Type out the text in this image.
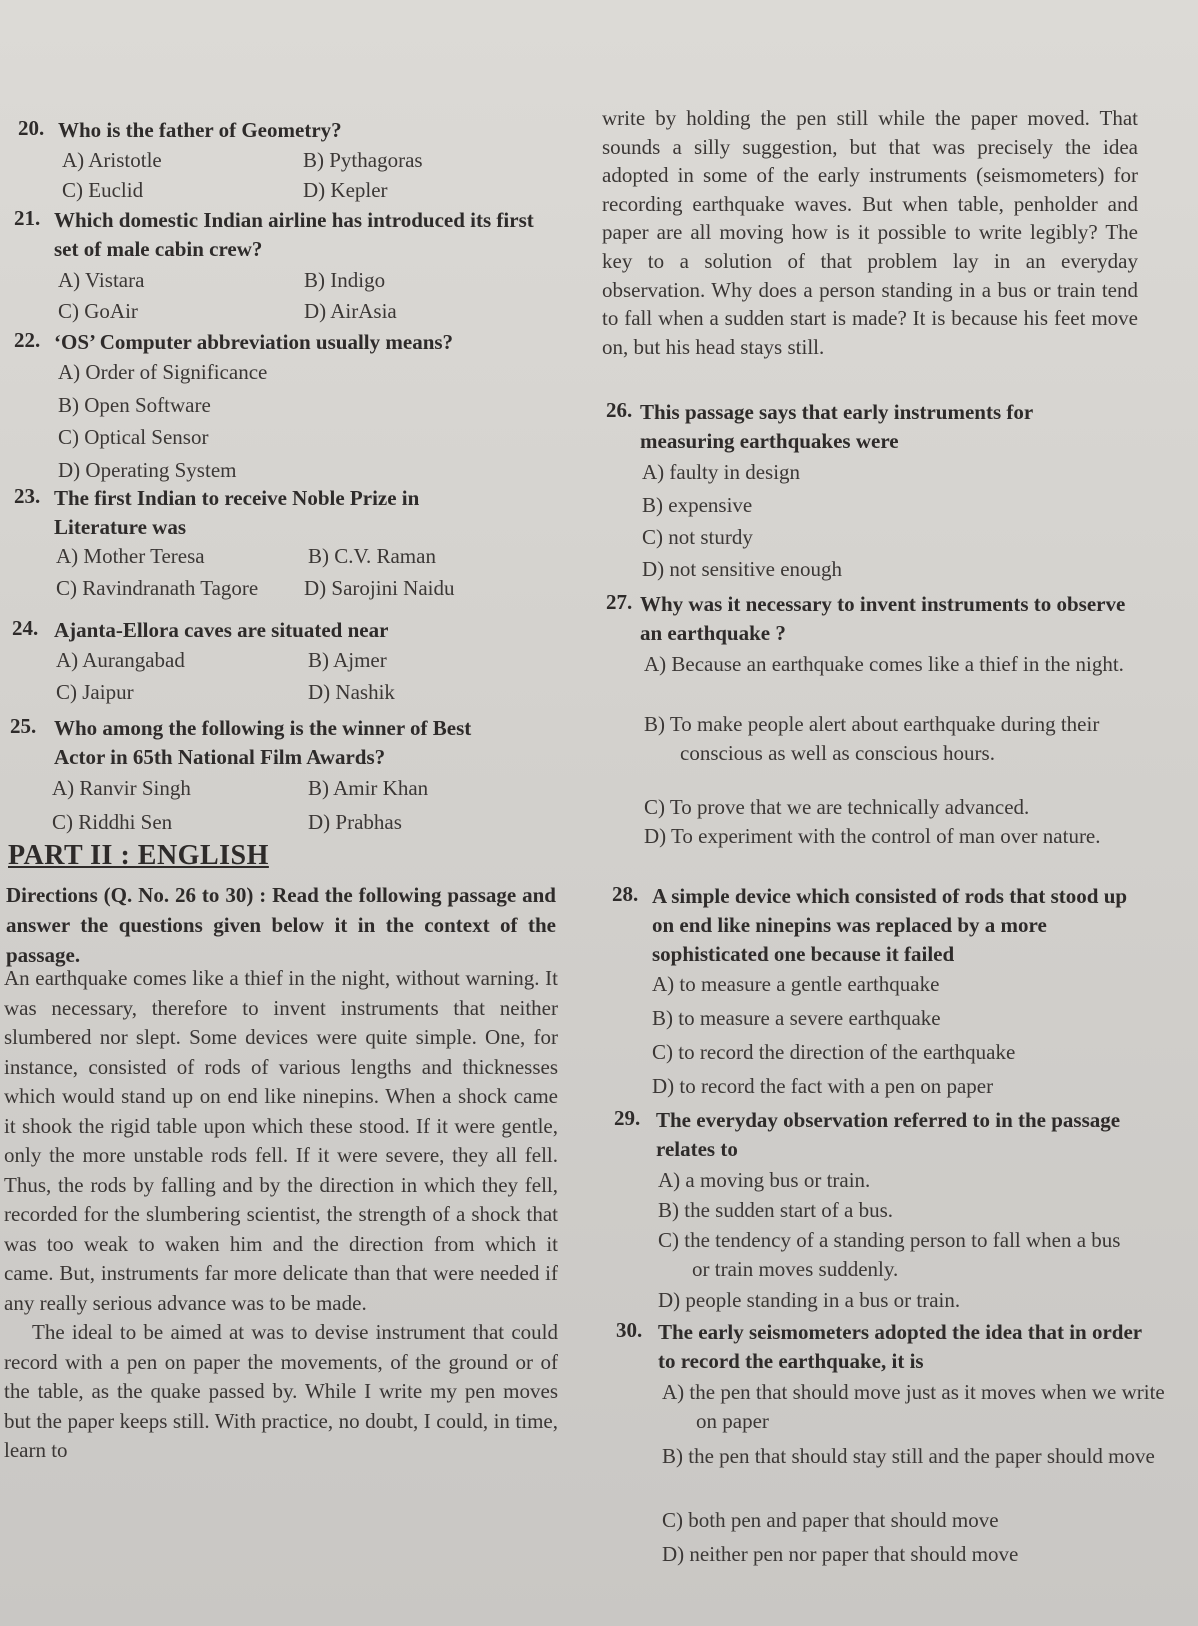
20. Who is the father of Geometry?
A) Aristotle	B) Pythagoras
C) Euclid	D) Kepler
21. Which domestic Indian airline has introduced its first set of male cabin crew?
A) Vistara	B) Indigo
C) GoAir	D) AirAsia
22. ‘OS’ Computer abbreviation usually means?
A) Order of Significance
B) Open Software
C) Optical Sensor
D) Operating System
23. The first Indian to receive Noble Prize in Literature was
A) Mother Teresa	B) C.V. Raman
C) Ravindranath Tagore D) Sarojini Naidu
24. Ajanta-Ellora caves are situated near
A) Aurangabad	B) Ajmer
C) Jaipur	D) Nashik
25. Who among the following is the winner of Best Actor in 65th National Film Awards?
A) Ranvir Singh	B) Amir Khan
C) Riddhi Sen	D) Prabhas
PART II : ENGLISH
Directions (Q. No. 26 to 30) : Read the following passage and answer the questions given below it in the context of the passage.

An earthquake comes like a thief in the night, without warning. It was necessary, therefore to invent instruments that neither slumbered nor slept. Some devices were quite simple. One, for instance, consisted of rods of various lengths and thicknesses which would stand up on end like ninepins. When a shock came it shook the rigid table upon which these stood. If it were gentle, only the more unstable rods fell. If it were severe, they all fell. Thus, the rods by falling and by the direction in which they fell, recorded for the slumbering scientist, the strength of a shock that was too weak to waken him and the direction from which it came. But, instruments far more delicate than that were needed if any really serious advance was to be made.

The ideal to be aimed at was to devise instrument that could record with a pen on paper the movements, of the ground or of the table, as the quake passed by. While I write my pen moves but the paper keeps still. With practice, no doubt, I could, in time, learn to

write by holding the pen still while the paper moved. That sounds a silly suggestion, but that was precisely the idea adopted in some of the early instruments (seismometers) for recording earthquake waves. But when table, penholder and paper are all moving how is it possible to write legibly? The key to a solution of that problem lay in an everyday observation. Why does a person standing in a bus or train tend to fall when a sudden start is made? It is because his feet move on, but his head stays still.
26. This passage says that early instruments for measuring earthquakes were
A) faulty in design
B) expensive
C) not sturdy
D) not sensitive enough
27. Why was it necessary to invent instruments to observe an earthquake ?
A) Because an earthquake comes like a thief in the night.
B) To make people alert about earthquake during their conscious as well as conscious hours.
C) To prove that we are technically advanced.
D) To experiment with the control of man over nature.
28. A simple device which consisted of rods that stood up on end like ninepins was replaced by a more sophisticated one because it failed
A) to measure a gentle earthquake
B) to measure a severe earthquake
C) to record the direction of the earthquake
D) to record the fact with a pen on paper
29. The everyday observation referred to in the passage relates to
A) a moving bus or train.
B) the sudden start of a bus.
C) the tendency of a standing person to fall when a bus or train moves suddenly.
D) people standing in a bus or train.
30. The early seismometers adopted the idea that in order to record the earthquake, it is
A) the pen that should move just as it moves when we write on paper
B) the pen that should stay still and the paper should move
C) both pen and paper that should move
D) neither pen nor paper that should move
